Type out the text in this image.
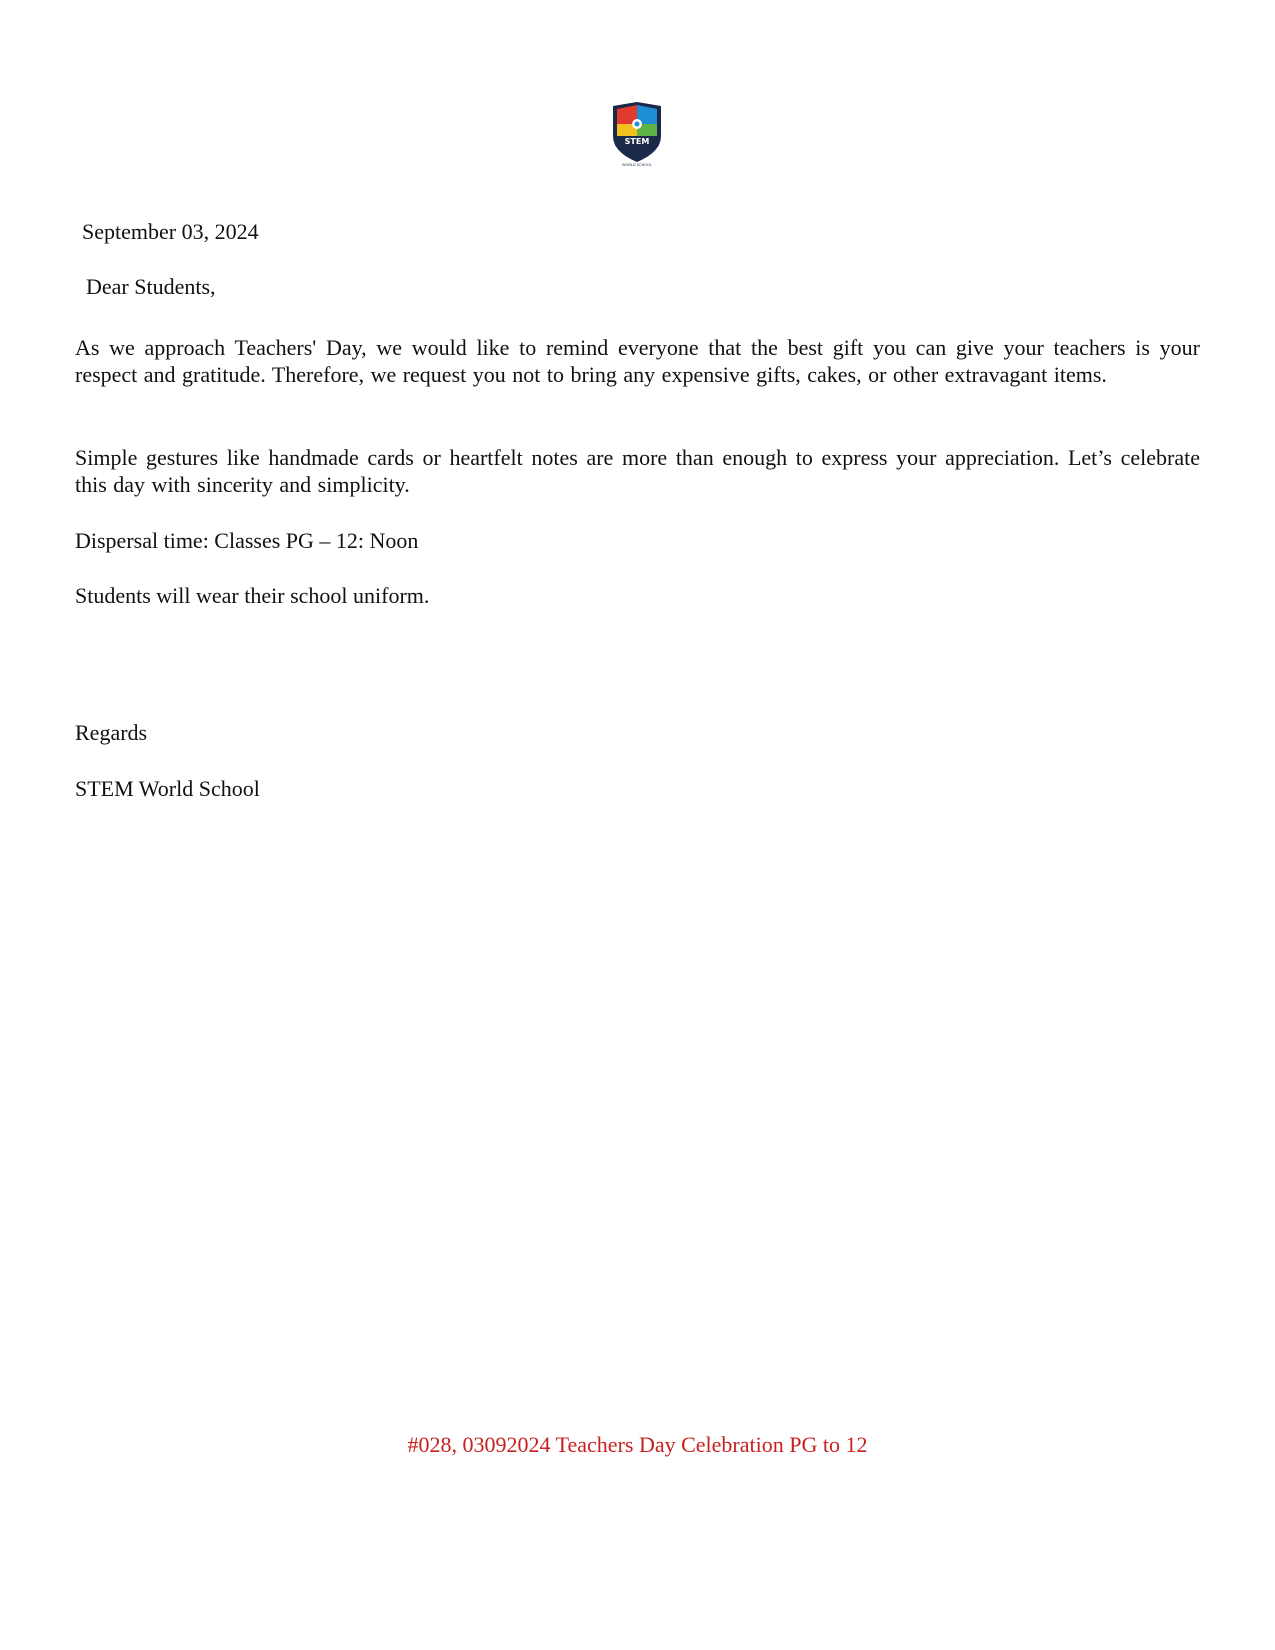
STEM
WORLD SCHOOL
September 03, 2024
Dear Students,
As we approach Teachers' Day, we would like to remind everyone that the best gift you can give your teachers is your respect and gratitude. Therefore, we request you not to bring any expensive gifts, cakes, or other extravagant items.
Simple gestures like handmade cards or heartfelt notes are more than enough to express your appreciation. Let’s celebrate this day with sincerity and simplicity.
Dispersal time: Classes PG – 12: Noon
Students will wear their school uniform.
Regards
STEM World School
#028, 03092024 Teachers Day Celebration PG to 12
